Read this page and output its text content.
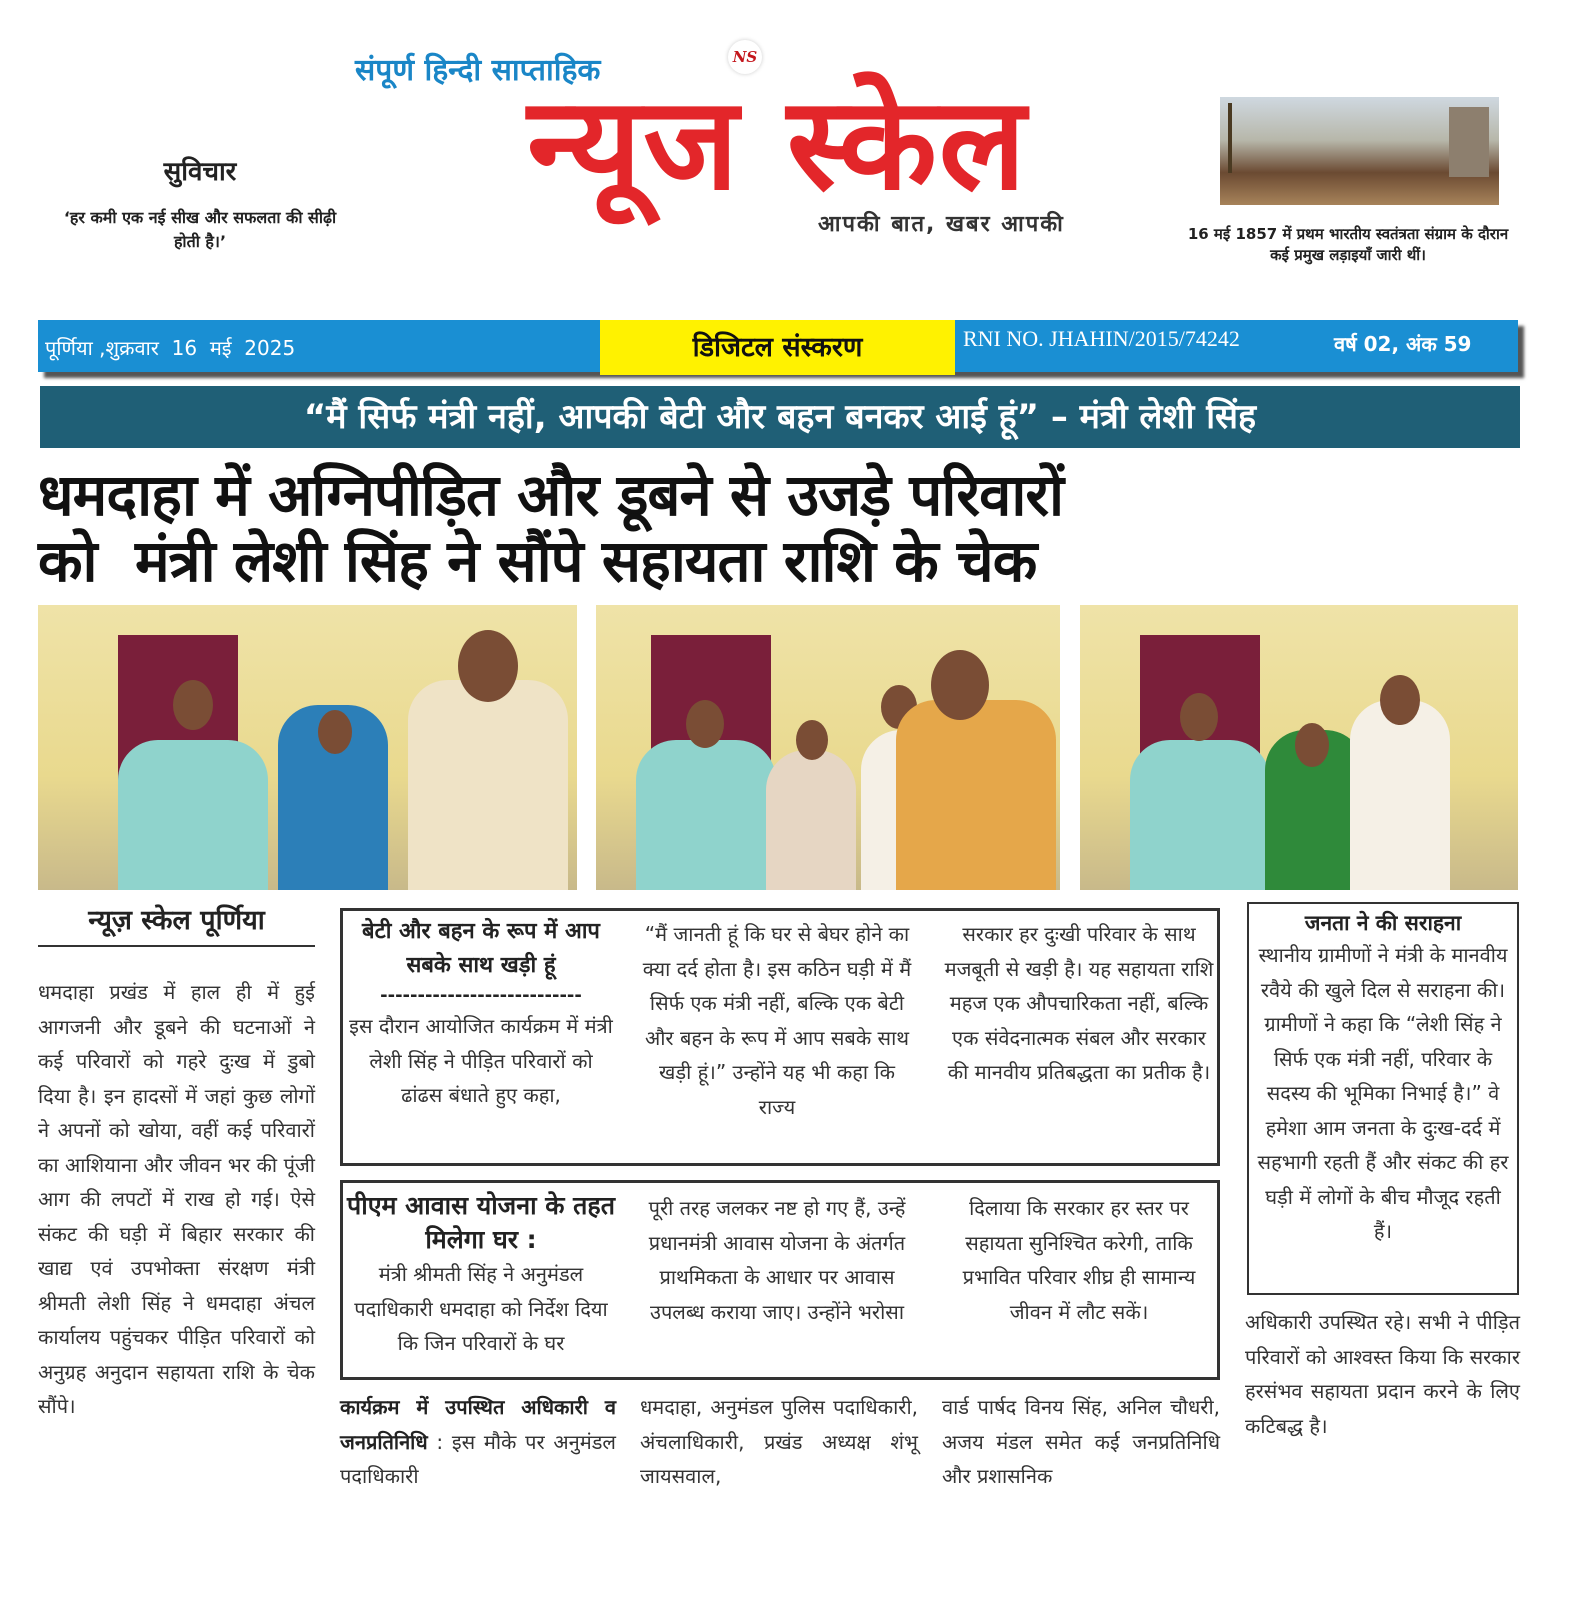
संपूर्ण हिन्दी साप्ताहिक	NS
न्यूज स्केल
आपकी बात, खबर आपकी
सुविचार
‘हर कमी एक नई सीख और सफलता की सीढ़ी होती है।’	16 मई 1857 में प्रथम भारतीय स्वतंत्रता संग्राम के दौरान कई प्रमुख लड़ाइयाँ जारी थीं।
पूर्णिया ,शुक्रवार  16  मई  2025	डिजिटल संस्करण	RNI NO. JHAHIN/2015/74242	वर्ष 02, अंक 59
“मैं सिर्फ मंत्री नहीं, आपकी बेटी और बहन बनकर आई हूं” – मंत्री लेशी सिंह
धमदाहा में अग्निपीड़ित और डूबने से उजड़े परिवारों
को  मंत्री लेशी सिंह ने सौंपे सहायता राशि के चेक
न्यूज़ स्केल पूर्णिया
धमदाहा प्रखंड में हाल ही में हुई आगजनी और डूबने की घटनाओं ने कई परिवारों को गहरे दुःख में डुबो दिया है। इन हादसों में जहां कुछ लोगों ने अपनों को खोया, वहीं कई परिवारों का आशियाना और जीवन भर की पूंजी आग की लपटों में राख हो गई। ऐसे संकट की घड़ी में बिहार सरकार की खाद्य एवं उपभोक्ता संरक्षण मंत्री श्रीमती लेशी सिंह ने धमदाहा अंचल कार्यालय पहुंचकर पीड़ित परिवारों को अनुग्रह अनुदान सहायता राशि के चेक सौंपे।
बेटी और बहन के रूप में आप सबके साथ खड़ी हूं
---------------------------
इस दौरान आयोजित कार्यक्रम में मंत्री लेशी सिंह ने पीड़ित परिवारों को ढांढस बंधाते हुए कहा,
“मैं जानती हूं कि घर से बेघर होने का क्या दर्द होता है। इस कठिन घड़ी में मैं सिर्फ एक मंत्री नहीं, बल्कि एक बेटी और बहन के रूप में आप सबके साथ खड़ी हूं।” उन्होंने यह भी कहा कि राज्य
सरकार हर दुःखी परिवार के साथ मजबूती से खड़ी है। यह सहायता राशि महज एक औपचारिकता नहीं, बल्कि एक संवेदनात्मक संबल और सरकार की मानवीय प्रतिबद्धता का प्रतीक है।
पीएम आवास योजना के तहत मिलेगा घर :
मंत्री श्रीमती सिंह ने अनुमंडल पदाधिकारी धमदाहा को निर्देश दिया कि जिन परिवारों के घर
पूरी तरह जलकर नष्ट हो गए हैं, उन्हें प्रधानमंत्री आवास योजना के अंतर्गत प्राथमिकता के आधार पर आवास उपलब्ध कराया जाए। उन्होंने भरोसा
दिलाया कि सरकार हर स्तर पर सहायता सुनिश्चित करेगी, ताकि प्रभावित परिवार शीघ्र ही सामान्य जीवन में लौट सकें।
कार्यक्रम में उपस्थित अधिकारी व जनप्रतिनिधि : इस मौके पर अनुमंडल पदाधिकारी
धमदाहा, अनुमंडल पुलिस पदाधिकारी, अंचलाधिकारी, प्रखंड अध्यक्ष शंभू जायसवाल,
वार्ड पार्षद विनय सिंह, अनिल चौधरी, अजय मंडल समेत कई जनप्रतिनिधि और प्रशासनिक
जनता ने की सराहना
स्थानीय ग्रामीणों ने मंत्री के मानवीय रवैये की खुले दिल से सराहना की। ग्रामीणों ने कहा कि “लेशी सिंह ने सिर्फ एक मंत्री नहीं, परिवार के सदस्य की भूमिका निभाई है।” वे हमेशा आम जनता के दुःख-दर्द में सहभागी रहती हैं और संकट की हर घड़ी में लोगों के बीच मौजूद रहती हैं।
अधिकारी उपस्थित रहे। सभी ने पीड़ित परिवारों को आश्वस्त किया कि सरकार हरसंभव सहायता प्रदान करने के लिए कटिबद्ध है।
